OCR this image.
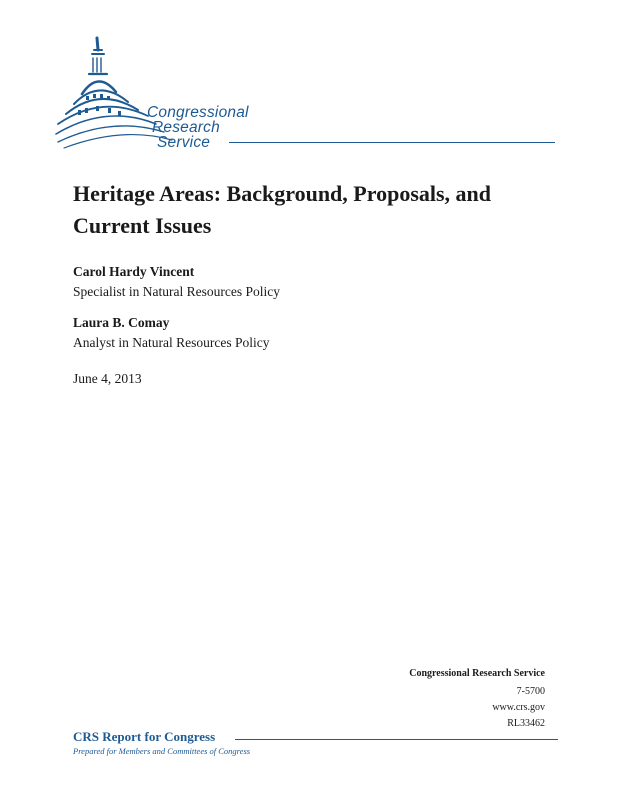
Congressional
Research
Service
Heritage Areas: Background, Proposals, and Current Issues
Carol Hardy Vincent
Specialist in Natural Resources Policy
Laura B. Comay
Analyst in Natural Resources Policy
June 4, 2013
Congressional Research Service
7-5700
www.crs.gov
RL33462
CRS Report for Congress
Prepared for Members and Committees of Congress
